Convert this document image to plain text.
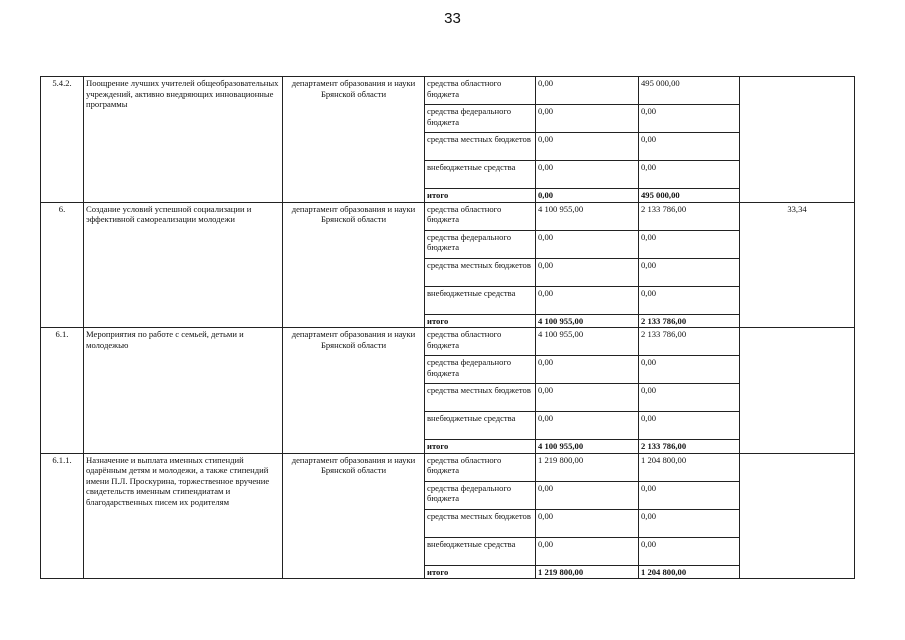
33
5.4.2.	Поощрение лучших учителей общеобразовательных учреждений, активно внедряющих инновационные программы	департамент образования и науки Брянской области	средства областного бюджета	0,00	495 000,00	
			средства федерального бюджета	0,00	0,00	
			средства местных бюджетов	0,00	0,00	
			внебюджетные средства	0,00	0,00	
			итого	0,00	495 000,00	
6.	Создание условий успешной социализации и эффективной самореализации молодежи	департамент образования и науки Брянской области	средства областного бюджета	4 100 955,00	2 133 786,00	33,34
			средства федерального бюджета	0,00	0,00	
			средства местных бюджетов	0,00	0,00	
			внебюджетные средства	0,00	0,00	
			итого	4 100 955,00	2 133 786,00	
6.1.	Мероприятия по работе с семьей, детьми и молодежью	департамент образования и науки Брянской области	средства областного бюджета	4 100 955,00	2 133 786,00	
			средства федерального бюджета	0,00	0,00	
			средства местных бюджетов	0,00	0,00	
			внебюджетные средства	0,00	0,00	
			итого	4 100 955,00	2 133 786,00	
6.1.1.	Назначение и выплата именных стипендий одарённым детям и молодежи, а также стипендий имени П.Л. Проскурина, торжественное вручение свидетельств именным стипендиатам и благодарственных писем их родителям	департамент образования и науки Брянской области	средства областного бюджета	1 219 800,00	1 204 800,00	
			средства федерального бюджета	0,00	0,00	
			средства местных бюджетов	0,00	0,00	
			внебюджетные средства	0,00	0,00	
			итого	1 219 800,00	1 204 800,00	
